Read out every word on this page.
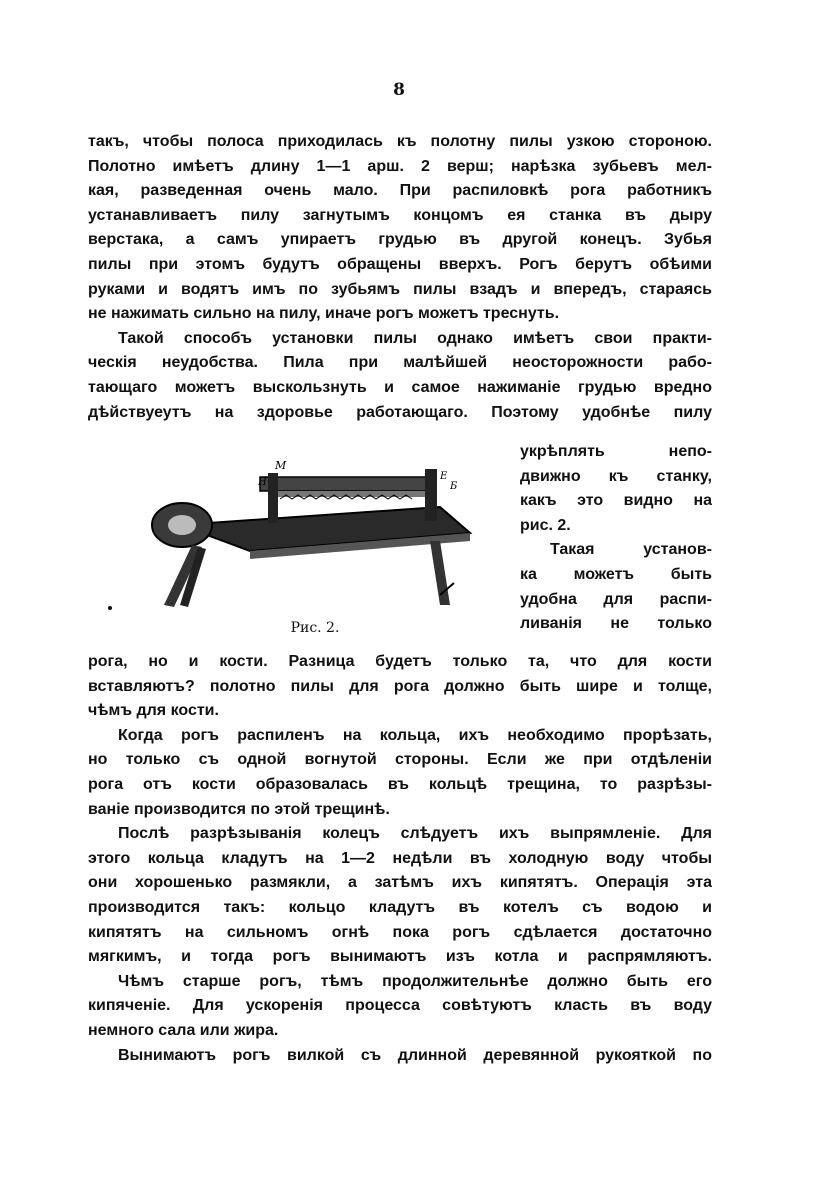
8
такъ, чтобы полоса приходилась къ полотну пилы узкою стороною.
Полотно имѣетъ длину 1—1 арш. 2 верш; нарѣзка зубьевъ мел-
кая, разведенная очень мало. При распиловкѣ рога работникъ
устанавливаетъ пилу загнутымъ концомъ ея станка въ дыру
верстака, а самъ упираетъ грудью въ другой конецъ. Зубья
пилы при этомъ будутъ обращены вверхъ. Рогъ берутъ обѣими
руками и водятъ имъ по зубьямъ пилы взадъ и впередъ, стараясь
не нажимать сильно на пилу, иначе рогъ можетъ треснуть.
Такой способъ установки пилы однако имѣетъ свои практи-
ческія неудобства. Пила при малѣйшей неосторожности рабо-
тающаго можетъ выскользнуть и самое нажиманіе грудью вредно
дѣйствуеутъ на здоровье работающаго. Поэтому удобнѣе пилу
М
Н
Е
Б
Рис. 2.
укрѣплять непо-
движно къ станку,
какъ это видно на
рис. 2.
Такая установ-
ка можетъ быть
удобна для распи-
ливанія не только
рога, но и кости. Разница будетъ только та, что для кости
вставляютъ? полотно пилы для рога должно быть шире и толще,
чѣмъ для кости.
Когда рогъ распиленъ на кольца, ихъ необходимо прорѣзать,
но только съ одной вогнутой стороны. Если же при отдѣленіи
рога отъ кости образовалась въ кольцѣ трещина, то разрѣзы-
ваніе производится по этой трещинѣ.
Послѣ разрѣзыванія колецъ слѣдуетъ ихъ выпрямленіе. Для
этого кольца кладутъ на 1—2 недѣли въ холодную воду чтобы
они хорошенько размякли, а затѣмъ ихъ кипятятъ. Операція эта
производится такъ: кольцо кладутъ въ котелъ съ водою и
кипятятъ на сильномъ огнѣ пока рогъ сдѣлается достаточно
мягкимъ, и тогда рогъ вынимаютъ изъ котла и распрямляютъ.
Чѣмъ старше рогъ, тѣмъ продолжительнѣе должно быть его
кипяченіе. Для ускоренія процесса совѣтуютъ класть въ воду
немного сала или жира.
Вынимаютъ рогъ вилкой съ длинной деревянной рукояткой по
